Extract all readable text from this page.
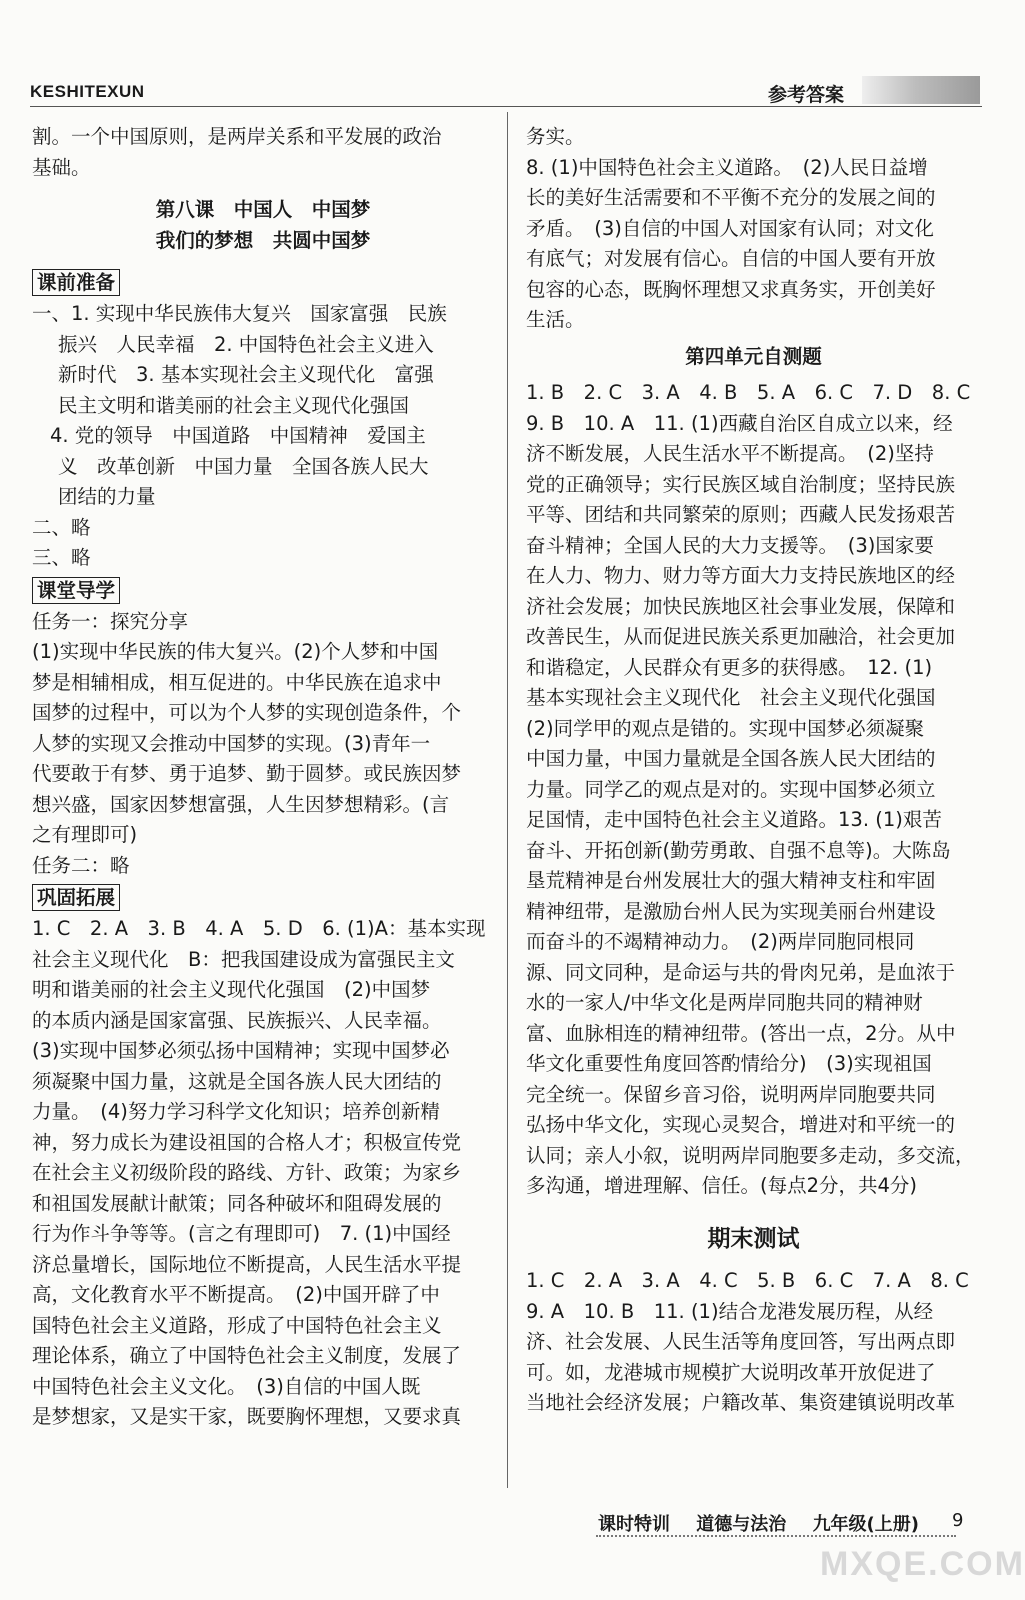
KESHITEXUN	参考答案

割。一个中国原则，是两岸关系和平发展的政治

基础。

第八课　中国人　中国梦

我们的梦想　共圆中国梦

课前准备

一、1. 实现中华民族伟大复兴　国家富强　民族

振兴　人民幸福　2. 中国特色社会主义进入

新时代　3. 基本实现社会主义现代化　富强

民主文明和谐美丽的社会主义现代化强国

4. 党的领导　中国道路　中国精神　爱国主

义　改革创新　中国力量　全国各族人民大

团结的力量

二、略

三、略

课堂导学

任务一：探究分享

(1)实现中华民族的伟大复兴。(2)个人梦和中国

梦是相辅相成，相互促进的。中华民族在追求中

国梦的过程中，可以为个人梦的实现创造条件，个

人梦的实现又会推动中国梦的实现。(3)青年一

代要敢于有梦、勇于追梦、勤于圆梦。或民族因梦

想兴盛，国家因梦想富强，人生因梦想精彩。(言

之有理即可)

任务二：略

巩固拓展

1. C　2. A　3. B　4. A　5. D　6. (1)A：基本实现

社会主义现代化　B：把我国建设成为富强民主文

明和谐美丽的社会主义现代化强国　(2)中国梦

的本质内涵是国家富强、民族振兴、人民幸福。

(3)实现中国梦必须弘扬中国精神；实现中国梦必

须凝聚中国力量，这就是全国各族人民大团结的

力量。　(4)努力学习科学文化知识；培养创新精

神，努力成长为建设祖国的合格人才；积极宣传党

在社会主义初级阶段的路线、方针、政策；为家乡

和祖国发展献计献策；同各种破坏和阻碍发展的

行为作斗争等等。(言之有理即可)　7. (1)中国经

济总量增长，国际地位不断提高，人民生活水平提

高，文化教育水平不断提高。　(2)中国开辟了中

国特色社会主义道路，形成了中国特色社会主义

理论体系，确立了中国特色社会主义制度，发展了

中国特色社会主义文化。　(3)自信的中国人既

是梦想家，又是实干家，既要胸怀理想，又要求真

务实。

8. (1)中国特色社会主义道路。　(2)人民日益增

长的美好生活需要和不平衡不充分的发展之间的

矛盾。　(3)自信的中国人对国家有认同；对文化

有底气；对发展有信心。自信的中国人要有开放

包容的心态，既胸怀理想又求真务实，开创美好

生活。

第四单元自测题

1. B　2. C　3. A　4. B　5. A　6. C　7. D　8. C

9. B　10. A　11. (1)西藏自治区自成立以来，经

济不断发展，人民生活水平不断提高。　(2)坚持

党的正确领导；实行民族区域自治制度；坚持民族

平等、团结和共同繁荣的原则；西藏人民发扬艰苦

奋斗精神；全国人民的大力支援等。　(3)国家要

在人力、物力、财力等方面大力支持民族地区的经

济社会发展；加快民族地区社会事业发展，保障和

改善民生，从而促进民族关系更加融洽，社会更加

和谐稳定，人民群众有更多的获得感。　12. (1)

基本实现社会主义现代化　社会主义现代化强国

(2)同学甲的观点是错的。实现中国梦必须凝聚

中国力量，中国力量就是全国各族人民大团结的

力量。同学乙的观点是对的。实现中国梦必须立

足国情，走中国特色社会主义道路。13. (1)艰苦

奋斗、开拓创新(勤劳勇敢、自强不息等)。大陈岛

垦荒精神是台州发展壮大的强大精神支柱和牢固

精神纽带，是激励台州人民为实现美丽台州建设

而奋斗的不竭精神动力。　(2)两岸同胞同根同

源、同文同种，是命运与共的骨肉兄弟，是血浓于

水的一家人/中华文化是两岸同胞共同的精神财

富、血脉相连的精神纽带。(答出一点，2分。从中

华文化重要性角度回答酌情给分)　(3)实现祖国

完全统一。保留乡音习俗，说明两岸同胞要共同

弘扬中华文化，实现心灵契合，增进对和平统一的

认同；亲人小叙，说明两岸同胞要多走动，多交流，

多沟通，增进理解、信任。(每点2分，共4分)

期末测试

1. C　2. A　3. A　4. C　5. B　6. C　7. A　8. C

9. A　10. B　11. (1)结合龙港发展历程，从经

济、社会发展、人民生活等角度回答，写出两点即

可。如，龙港城市规模扩大说明改革开放促进了

当地社会经济发展；户籍改革、集资建镇说明改革

课时特训 道德与法治 九年级(上册)	9
MXQE.COM
